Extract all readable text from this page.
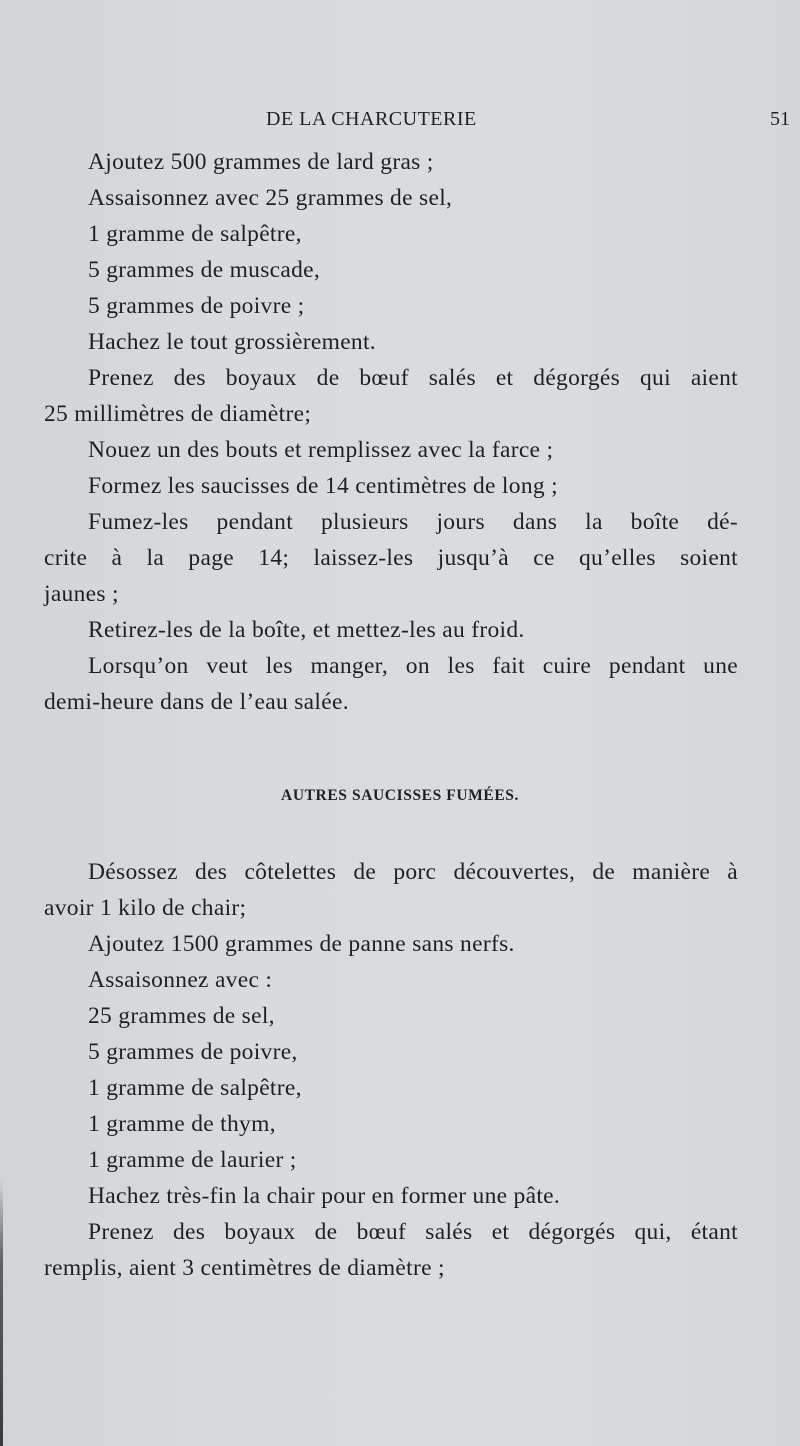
DE LA CHARCUTERIE	51
Ajoutez 500 grammes de lard gras ;
Assaisonnez avec 25 grammes de sel,
1 gramme de salpêtre,
5 grammes de muscade,
5 grammes de poivre ;
Hachez le tout grossièrement.
Prenez des boyaux de bœuf salés et dégorgés qui aient
25 millimètres de diamètre;
Nouez un des bouts et remplissez avec la farce ;
Formez les saucisses de 14 centimètres de long ;
Fumez-les pendant plusieurs jours dans la boîte dé-
crite à la page 14; laissez-les jusqu’à ce qu’elles soient
jaunes ;
Retirez-les de la boîte, et mettez-les au froid.
Lorsqu’on veut les manger, on les fait cuire pendant une
demi-heure dans de l’eau salée.
AUTRES SAUCISSES FUMÉES.
Désossez des côtelettes de porc découvertes, de manière à
avoir 1 kilo de chair;
Ajoutez 1500 grammes de panne sans nerfs.
Assaisonnez avec :
25 grammes de sel,
5 grammes de poivre,
1 gramme de salpêtre,
1 gramme de thym,
1 gramme de laurier ;
Hachez très-fin la chair pour en former une pâte.
Prenez des boyaux de bœuf salés et dégorgés qui, étant
remplis, aient 3 centimètres de diamètre ;
